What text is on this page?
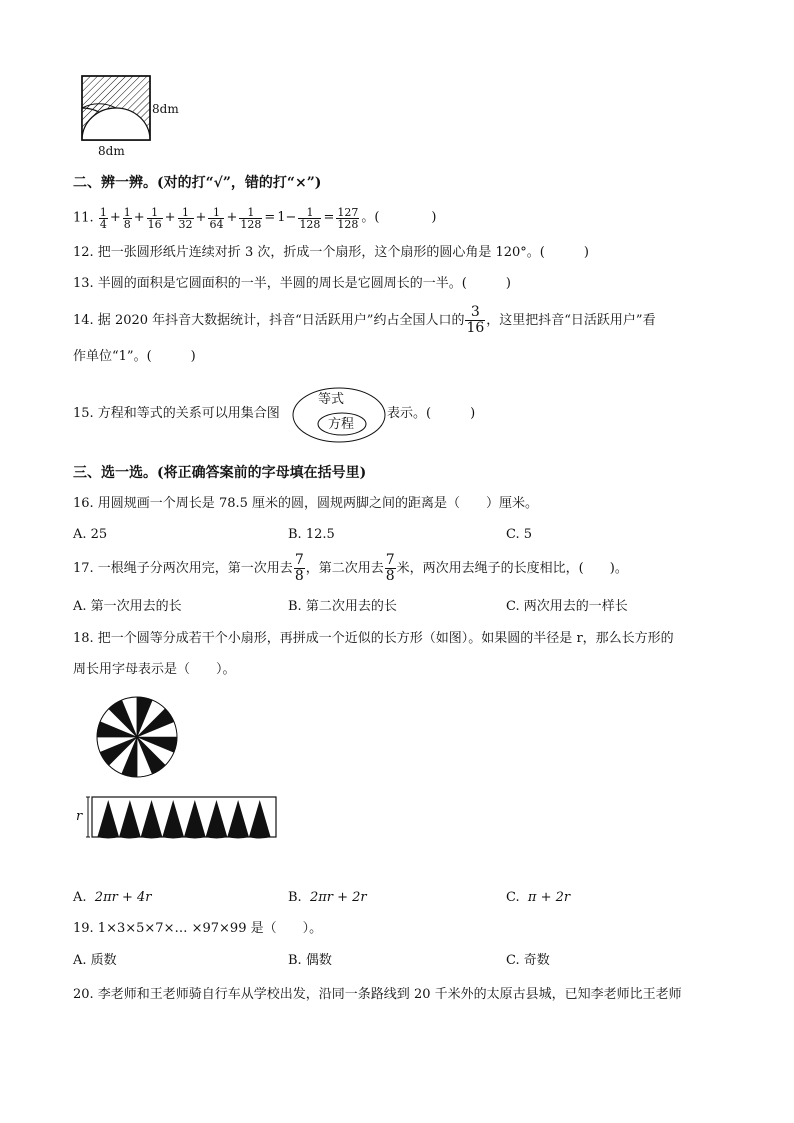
8dm
8dm
二、辨一辨。(对的打“√”，错的打“×”)
11. $\frac{1}{4} + \frac{1}{8} + \frac{1}{16} + \frac{1}{32} + \frac{1}{64} + \frac{1}{128} = 1- \frac{1}{128} = \frac{127}{128}$ 。(　　　　)
12. 把一张圆形纸片连续对折 3 次，折成一个扇形，这个扇形的圆心角是 120°。(　　　)
13. 半圆的面积是它圆面积的一半，半圆的周长是它圆周长的一半。(　　　)
14. 据 2020 年抖音大数据统计，抖音“日活跃用户”约占全国人口的 $\frac{3}{16}$ ，这里把抖音“日活跃用户”看
作单位“1”。(　　　)
15. 方程和等式的关系可以用集合图
等式
方程
表示。(　　　)
三、选一选。(将正确答案前的字母填在括号里)
16. 用圆规画一个周长是 78.5 厘米的圆，圆规两脚之间的距离是（　　）厘米。
A. 25	B. 12.5	C. 5
17. 一根绳子分两次用完，第一次用去 $\frac{7}{8}$ ，第二次用去 $\frac{7}{8}$ 米，两次用去绳子的长度相比，(　　)。
A. 第一次用去的长	B. 第二次用去的长	C. 两次用去的一样长
18. 把一个圆等分成若干个小扇形，再拼成一个近似的长方形（如图）。如果圆的半径是 r，那么长方形的
周长用字母表示是（　　）。
r
A. 2πr + 4r	B. 2πr + 2r	C. π + 2r
19. 1×3×5×7×… ×97×99 是（　　）。
A. 质数	B. 偶数	C. 奇数
20. 李老师和王老师骑自行车从学校出发，沿同一条路线到 20 千米外的太原古县城，已知李老师比王老师
